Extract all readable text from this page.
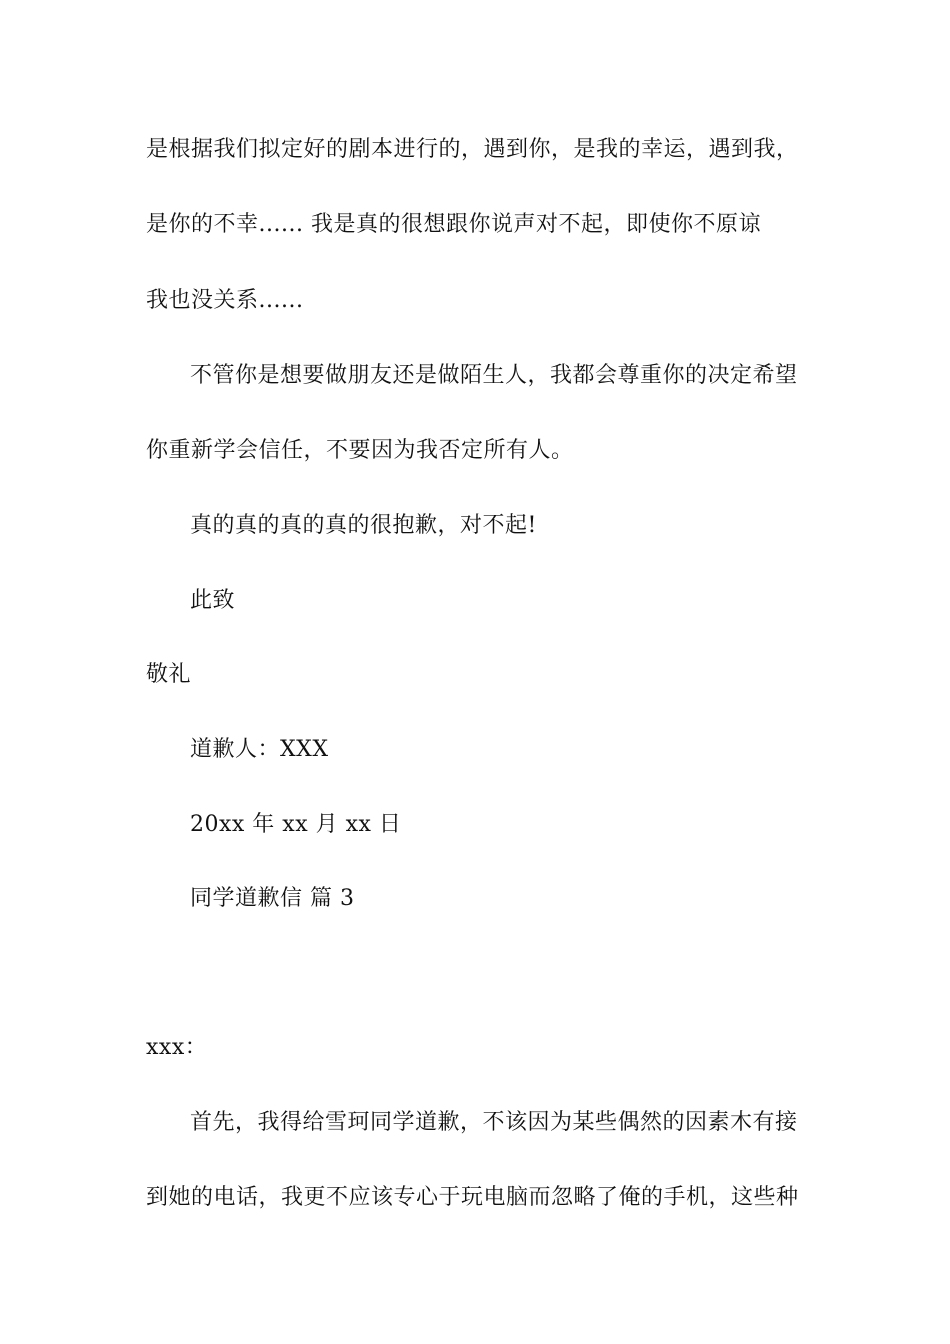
是根据我们拟定好的剧本进行的，遇到你，是我的幸运，遇到我，
是你的不幸...... 我是真的很想跟你说声对不起，即使你不原谅
我也没关系......
不管你是想要做朋友还是做陌生人，我都会尊重你的决定希望
你重新学会信任，不要因为我否定所有人。
真的真的真的真的很抱歉，对不起!
此致
敬礼
道歉人：XXX
20xx 年 xx 月 xx 日
同学道歉信 篇 3
xxx：
首先，我得给雪珂同学道歉，不该因为某些偶然的因素木有接
到她的电话，我更不应该专心于玩电脑而忽略了俺的手机，这些种
